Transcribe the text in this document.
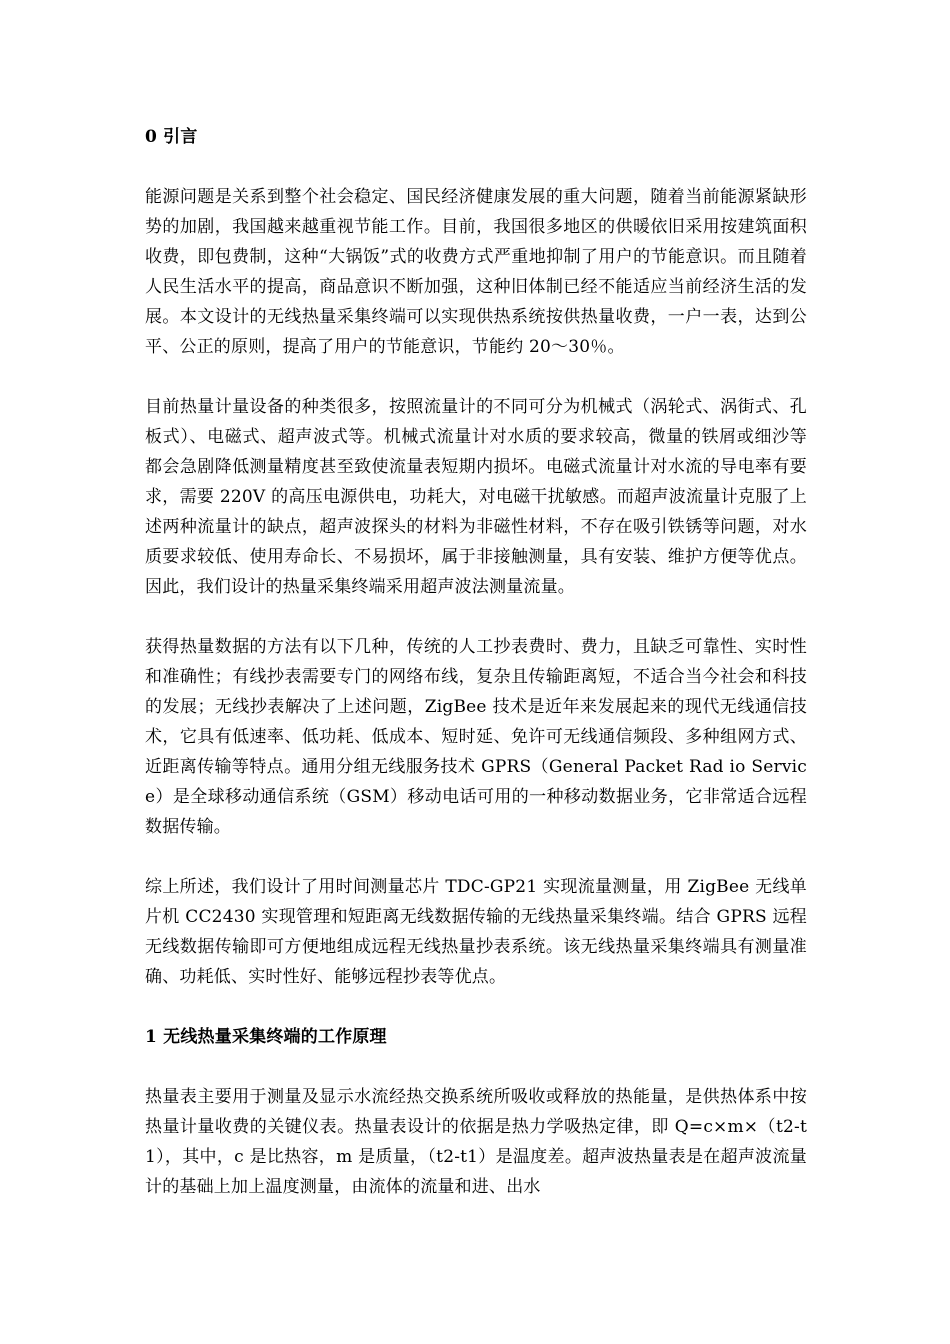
0 引言

能源问题是关系到整个社会稳定、国民经济健康发展的重大问题，随着当前能源紧缺形势的加剧，我国越来越重视节能工作。目前，我国很多地区的供暖依旧采用按建筑面积收费，即包费制，这种“大锅饭”式的收费方式严重地抑制了用户的节能意识。而且随着人民生活水平的提高，商品意识不断加强，这种旧体制已经不能适应当前经济生活的发展。本文设计的无线热量采集终端可以实现供热系统按供热量收费，一户一表，达到公平、公正的原则，提高了用户的节能意识，节能约 20～30％。

目前热量计量设备的种类很多，按照流量计的不同可分为机械式（涡轮式、涡街式、孔板式）、电磁式、超声波式等。机械式流量计对水质的要求较高，微量的铁屑或细沙等都会急剧降低测量精度甚至致使流量表短期内损坏。电磁式流量计对水流的导电率有要求，需要 220V 的高压电源供电，功耗大，对电磁干扰敏感。而超声波流量计克服了上述两种流量计的缺点，超声波探头的材料为非磁性材料，不存在吸引铁锈等问题，对水质要求较低、使用寿命长、不易损坏，属于非接触测量，具有安装、维护方便等优点。因此，我们设计的热量采集终端采用超声波法测量流量。

获得热量数据的方法有以下几种，传统的人工抄表费时、费力，且缺乏可靠性、实时性和准确性；有线抄表需要专门的网络布线，复杂且传输距离短，不适合当今社会和科技的发展；无线抄表解决了上述问题，ZigBee 技术是近年来发展起来的现代无线通信技术，它具有低速率、低功耗、低成本、短时延、免许可无线通信频段、多种组网方式、近距离传输等特点。通用分组无线服务技术 GPRS（General Packet Rad io Service）是全球移动通信系统（GSM）移动电话可用的一种移动数据业务，它非常适合远程数据传输。

综上所述，我们设计了用时间测量芯片 TDC-GP21 实现流量测量，用 ZigBee 无线单片机 CC2430 实现管理和短距离无线数据传输的无线热量采集终端。结合 GPRS 远程无线数据传输即可方便地组成远程无线热量抄表系统。该无线热量采集终端具有测量准确、功耗低、实时性好、能够远程抄表等优点。

1 无线热量采集终端的工作原理

热量表主要用于测量及显示水流经热交换系统所吸收或释放的热能量，是供热体系中按热量计量收费的关键仪表。热量表设计的依据是热力学吸热定律，即 Q=c×m×（t2-t1），其中，c 是比热容，m 是质量，（t2-t1）是温度差。超声波热量表是在超声波流量计的基础上加上温度测量，由流体的流量和进、出水
